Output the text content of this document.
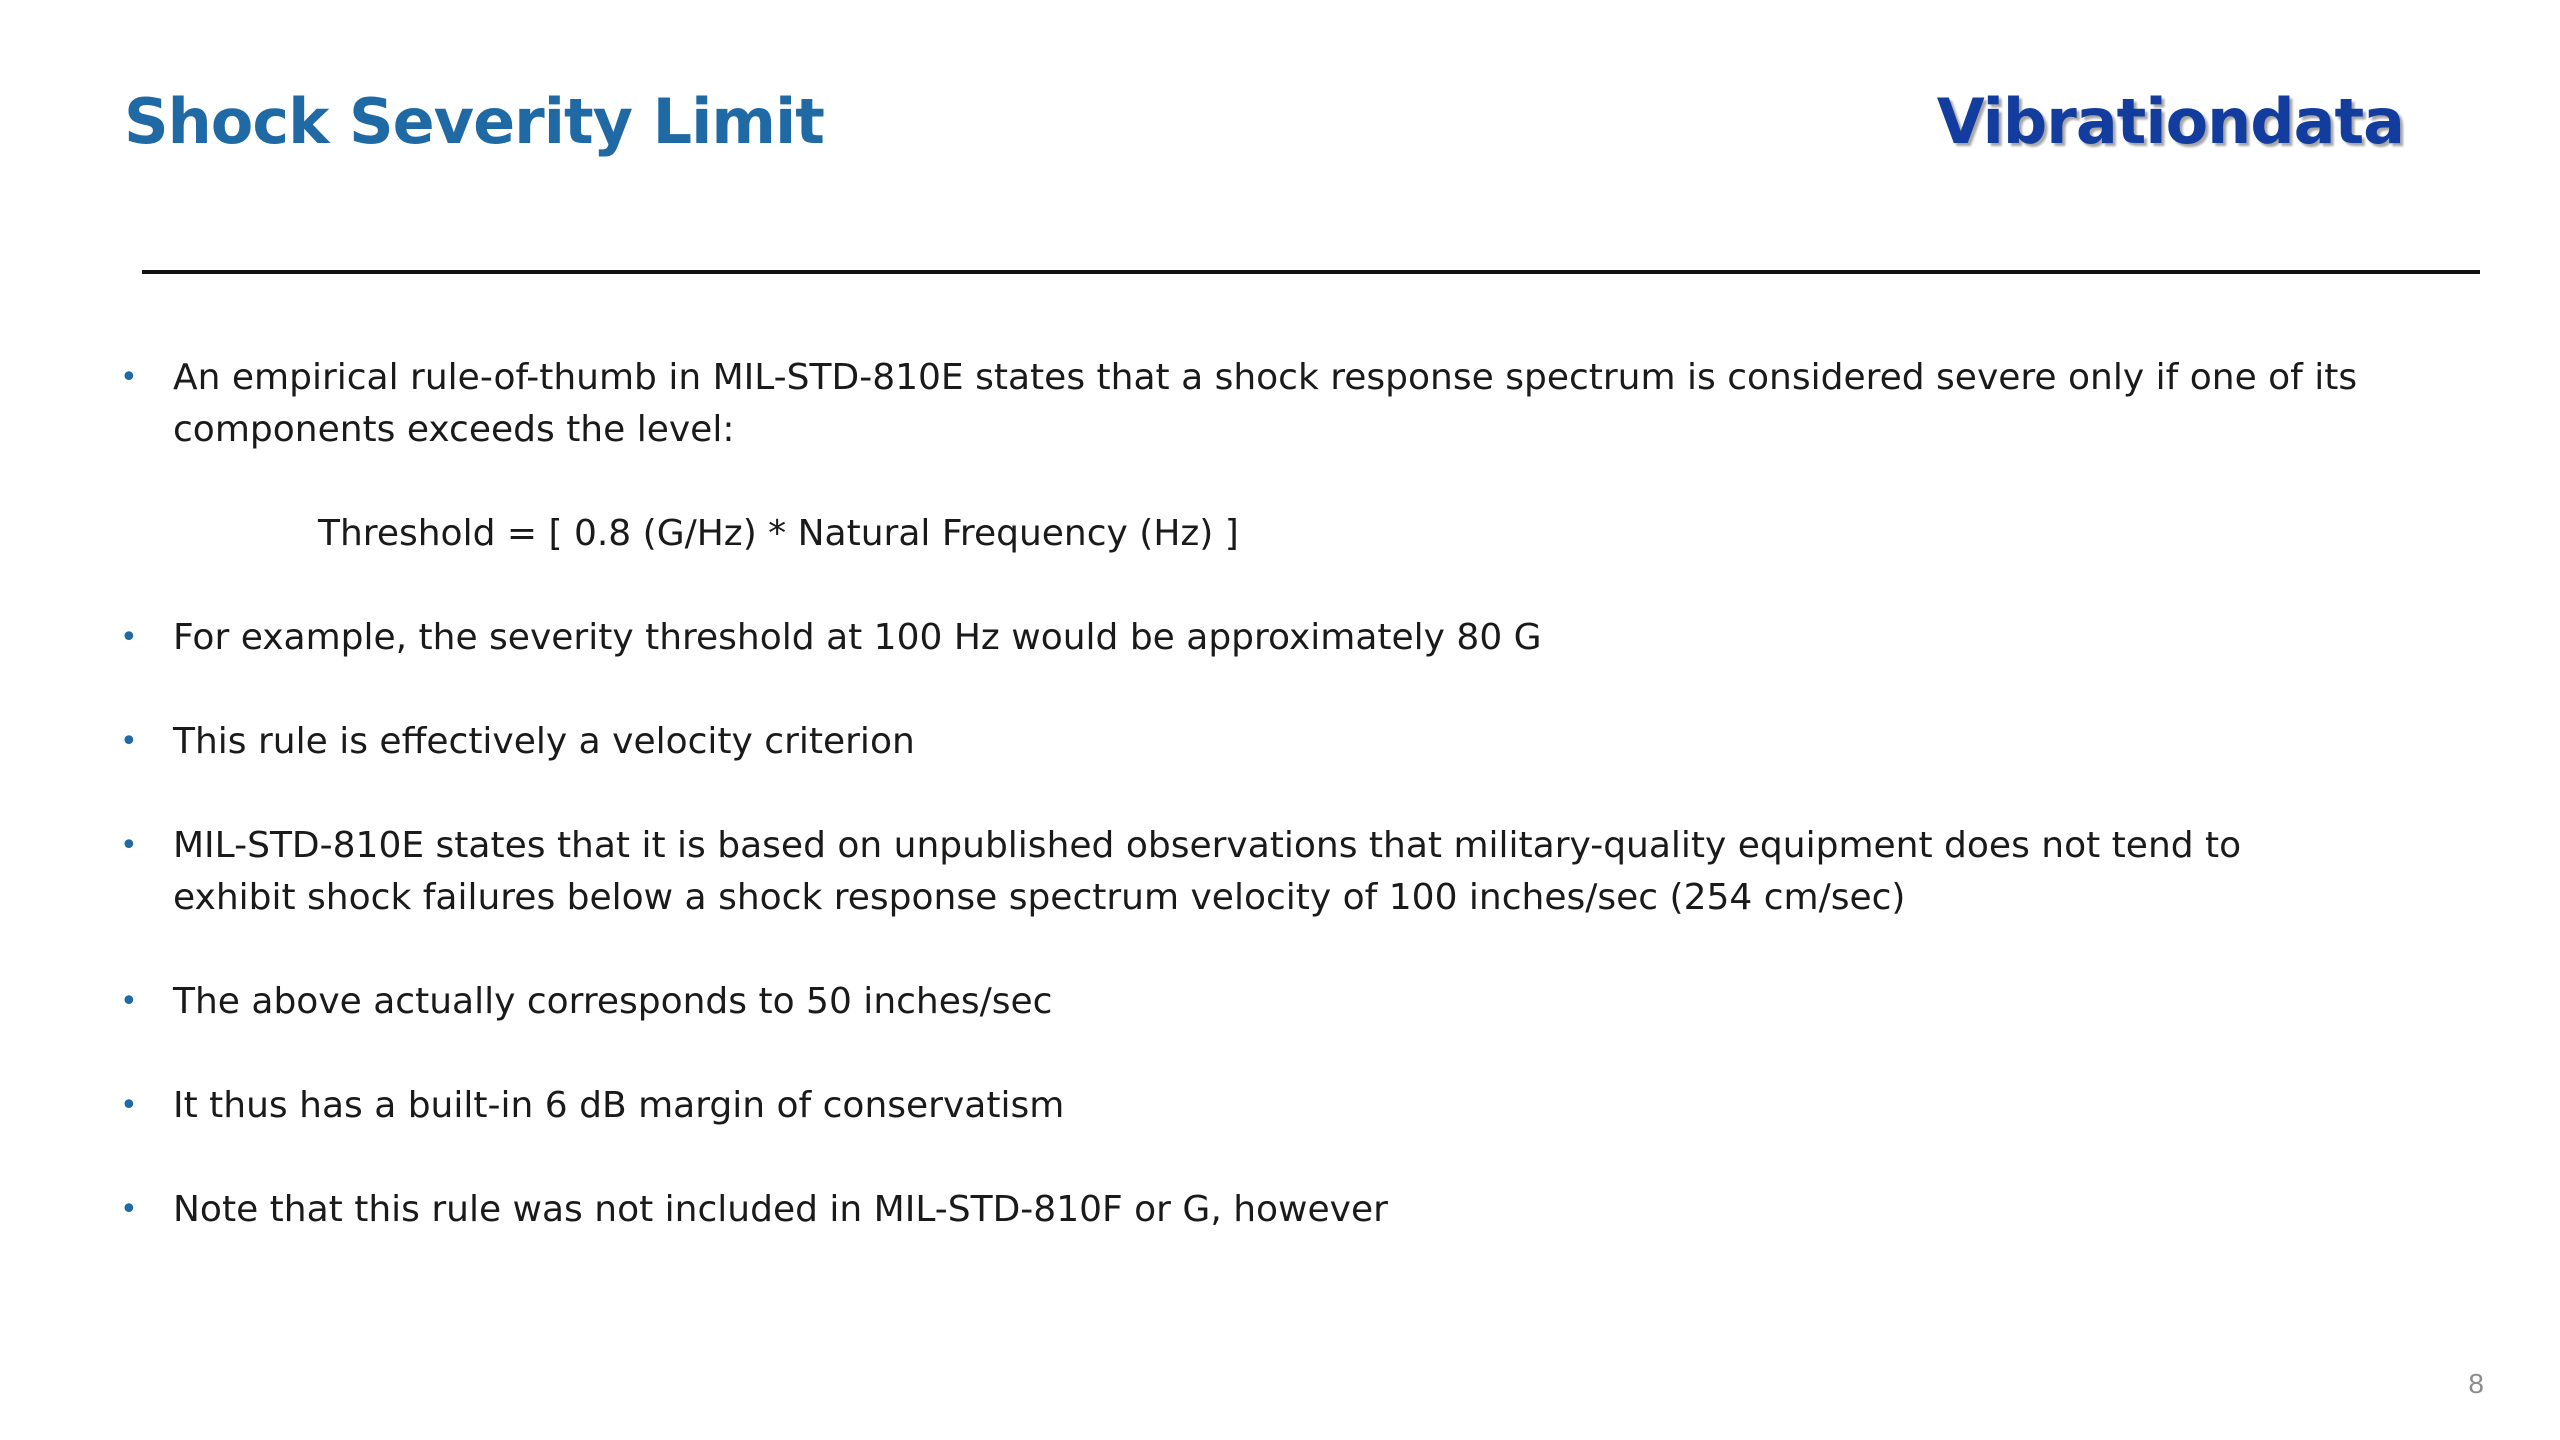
Shock Severity Limit	Vibrationdata
• An empirical rule-of-thumb in MIL-STD-810E states that a shock response spectrum is considered severe only if one of its components exceeds the level:
Threshold = [ 0.8 (G/Hz) * Natural Frequency (Hz) ]
• For example, the severity threshold at 100 Hz would be approximately 80 G
• This rule is effectively a velocity criterion
• MIL-STD-810E states that it is based on unpublished observations that military-quality equipment does not tend to exhibit shock failures below a shock response spectrum velocity of 100 inches/sec (254 cm/sec)
• The above actually corresponds to 50 inches/sec
• It thus has a built-in 6 dB margin of conservatism
• Note that this rule was not included in MIL-STD-810F or G, however
8
